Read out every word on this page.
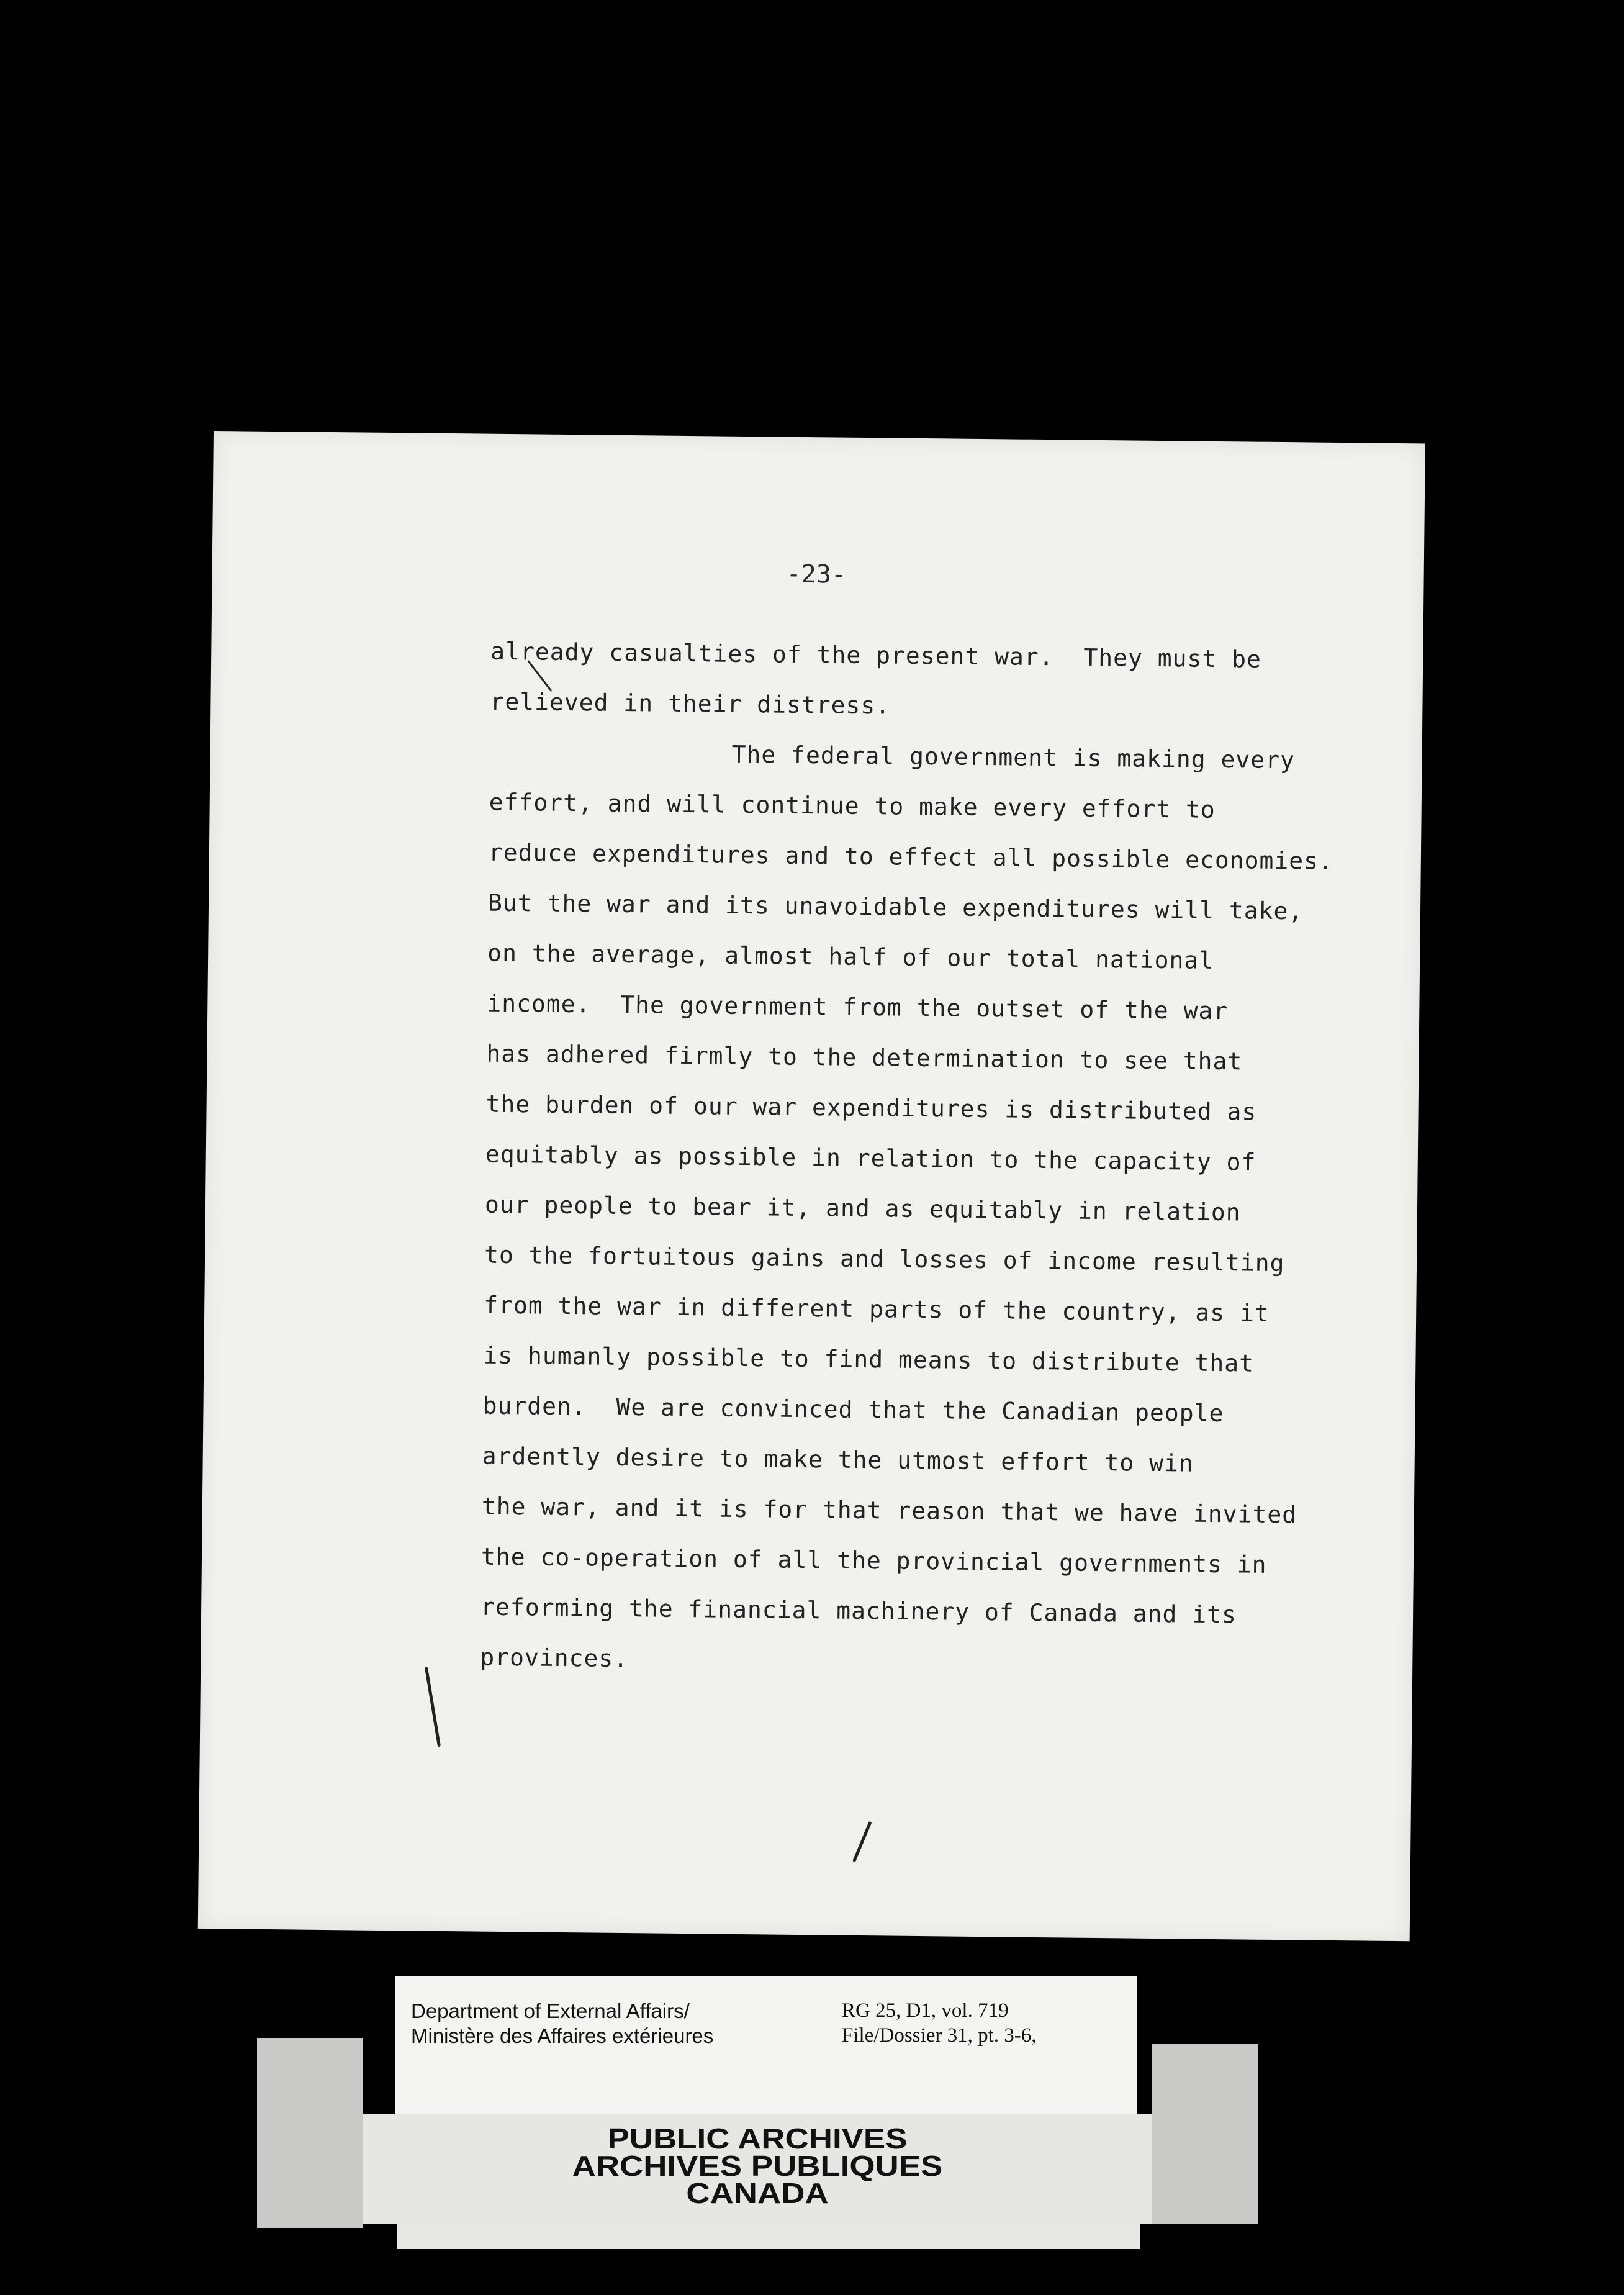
-23-

already casualties of the present war.  They must be
relieved in their distress.
The federal government is making every
effort, and will continue to make every effort to
reduce expenditures and to effect all possible economies.
But the war and its unavoidable expenditures will take,
on the average, almost half of our total national
income.  The government from the outset of the war
has adhered firmly to the determination to see that
the burden of our war expenditures is distributed as
equitably as possible in relation to the capacity of
our people to bear it, and as equitably in relation
to the fortuitous gains and losses of income resulting
from the war in different parts of the country, as it
is humanly possible to find means to distribute that
burden.  We are convinced that the Canadian people
ardently desire to make the utmost effort to win
the war, and it is for that reason that we have invited
the co-operation of all the provincial governments in
reforming the financial machinery of Canada and its
provinces.

Department of External Affairs/

Ministère des Affaires extérieures

RG 25, D1, vol. 719

File/Dossier 31, pt. 3-6,

PUBLIC ARCHIVES
ARCHIVES PUBLIQUES
CANADA
